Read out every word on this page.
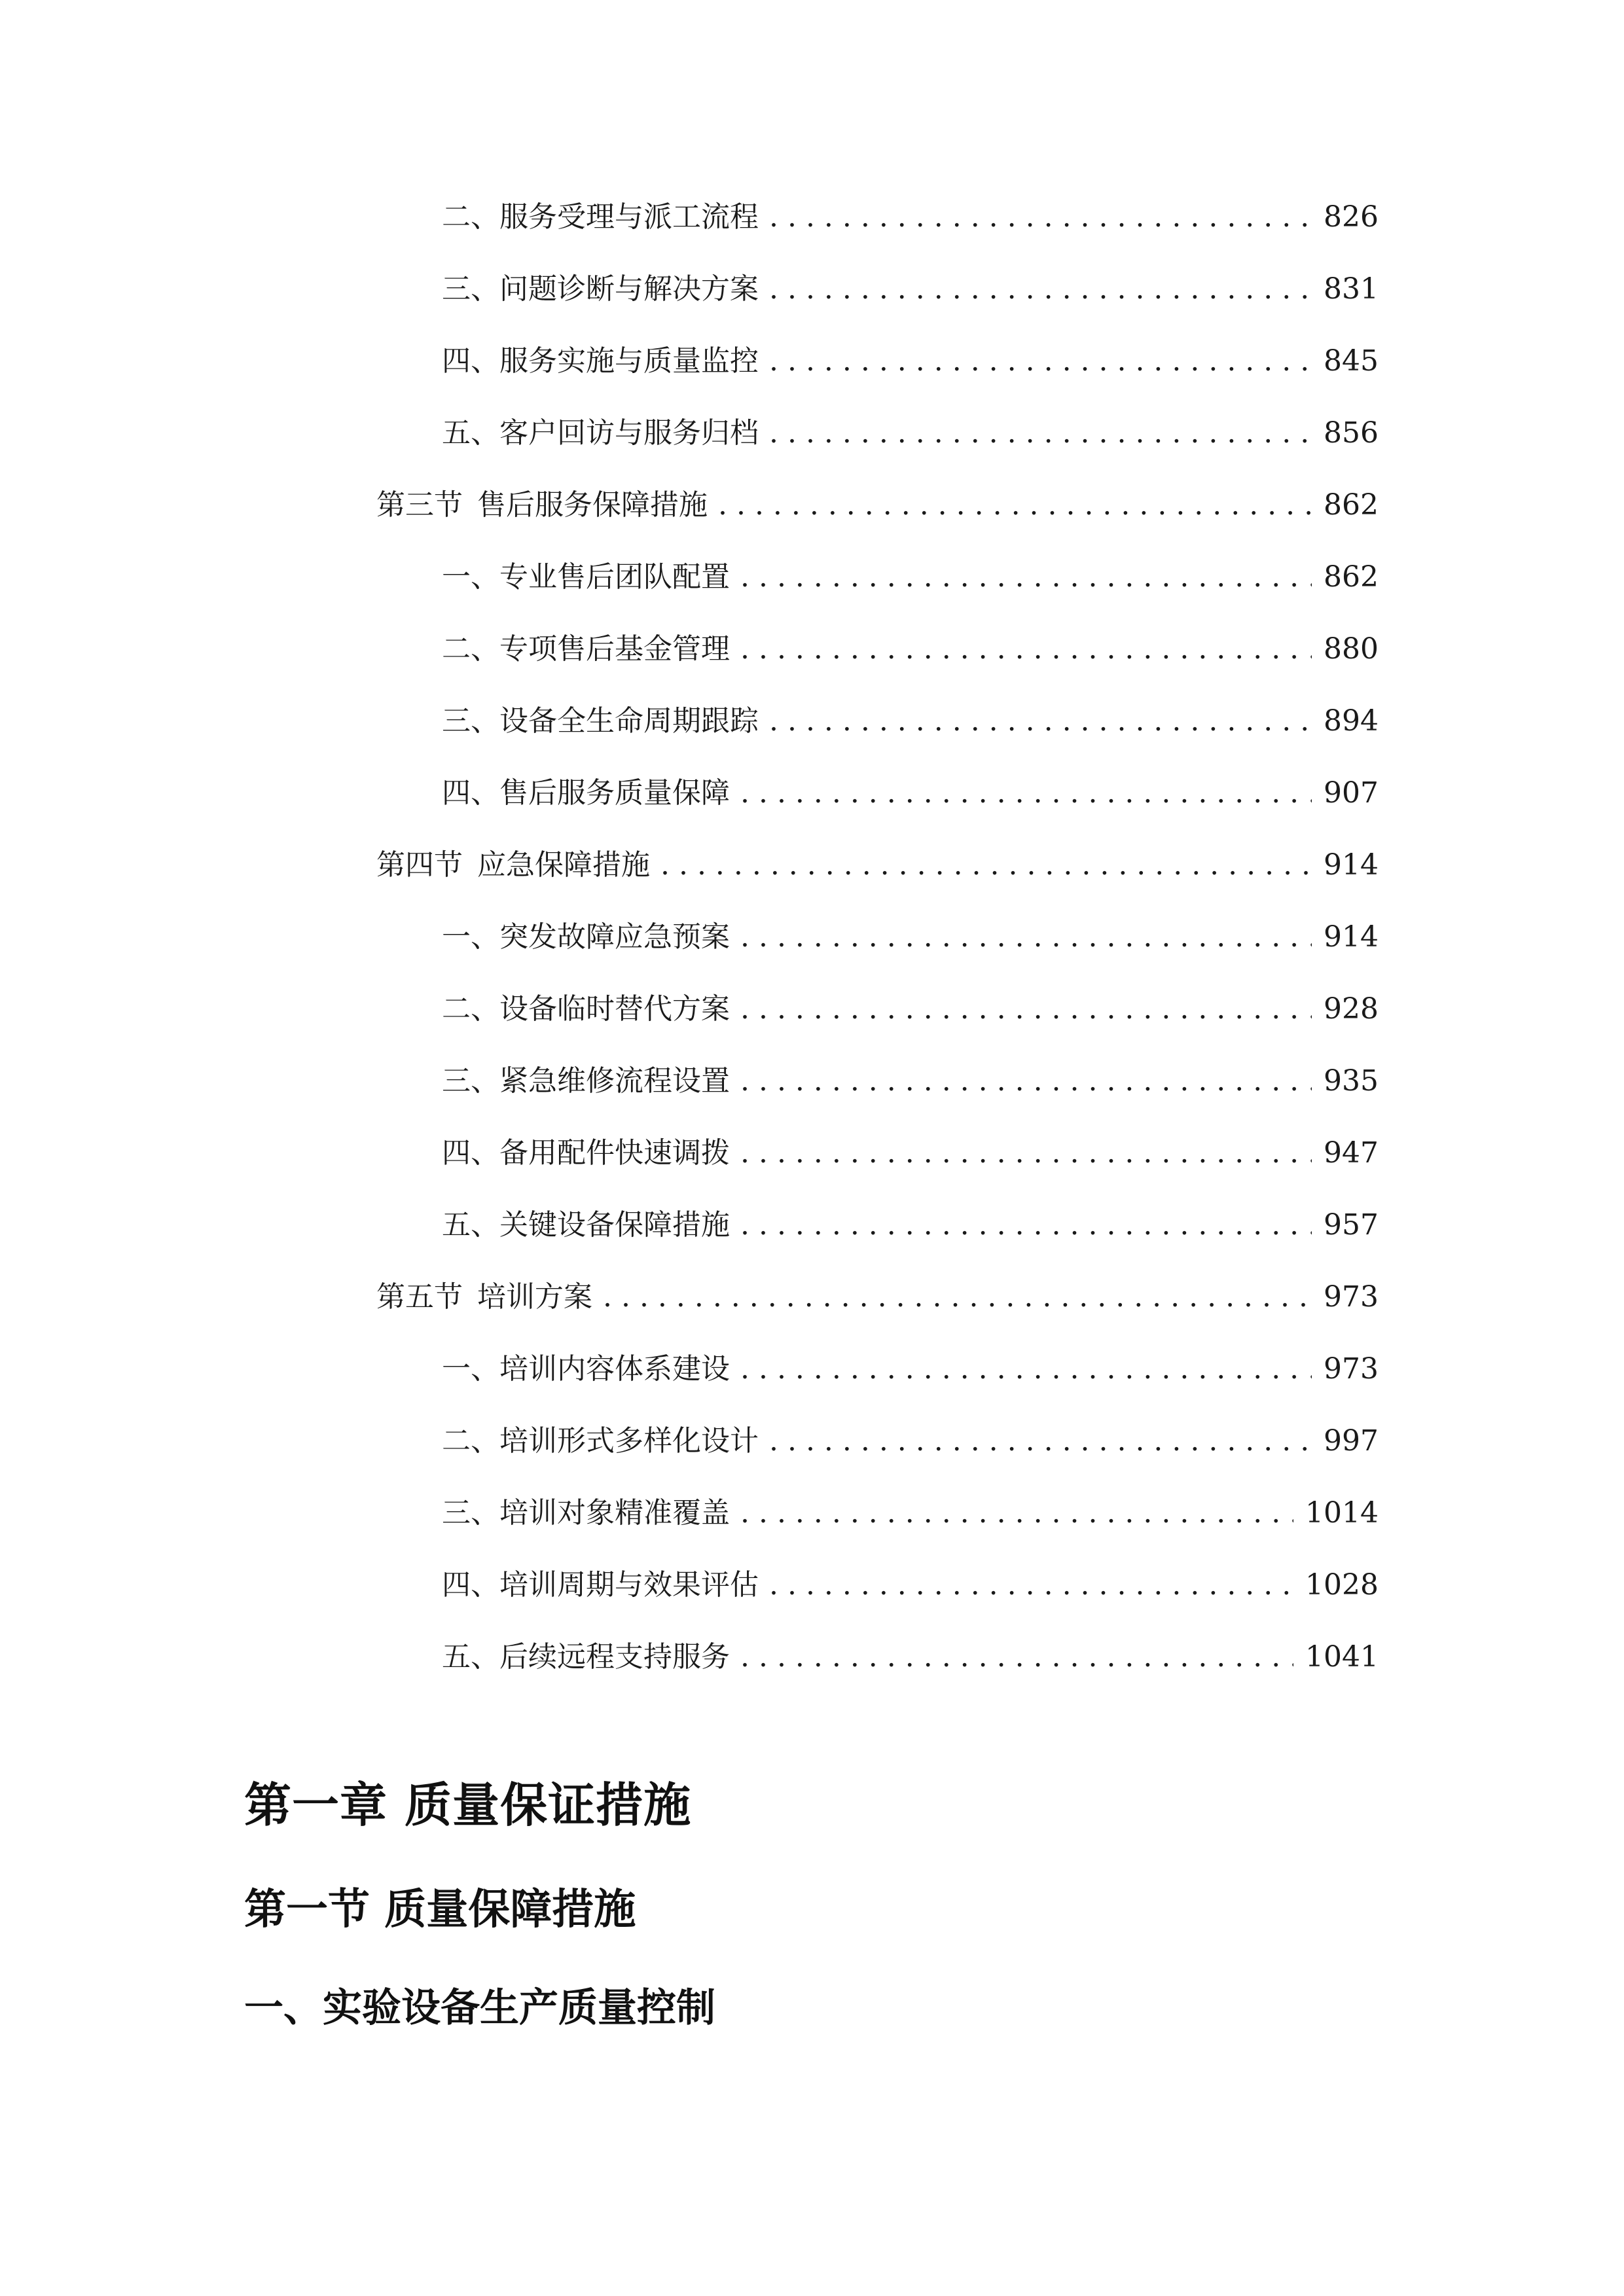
二、 服务受理与派工流程 . . .	826
三、 问题诊断与解决方案 . . .	831
四、 服务实施与质量监控 . . .	845
五、 客户回访与服务归档 . . .	856
第三节 售后服务保障措施 . . .	862
一、 专业售后团队配置 . . .	862
二、 专项售后基金管理 . . .	880
三、 设备全生命周期跟踪 . . .	894
四、 售后服务质量保障 . . .	907
第四节 应急保障措施 . . .	914
一、 突发故障应急预案 . . .	914
二、 设备临时替代方案 . . .	928
三、 紧急维修流程设置 . . .	935
四、 备用配件快速调拨 . . .	947
五、 关键设备保障措施 . . .	957
第五节 培训方案 . . .	973
一、 培训内容体系建设 . . .	973
二、 培训形式多样化设计 . . .	997
三、 培训对象精准覆盖 . . .	1014
四、 培训周期与效果评估 . . .	1028
五、 后续远程支持服务 . . .	1041
第一章 质量保证措施
第一节 质量保障措施
一、实验设备生产质量控制
